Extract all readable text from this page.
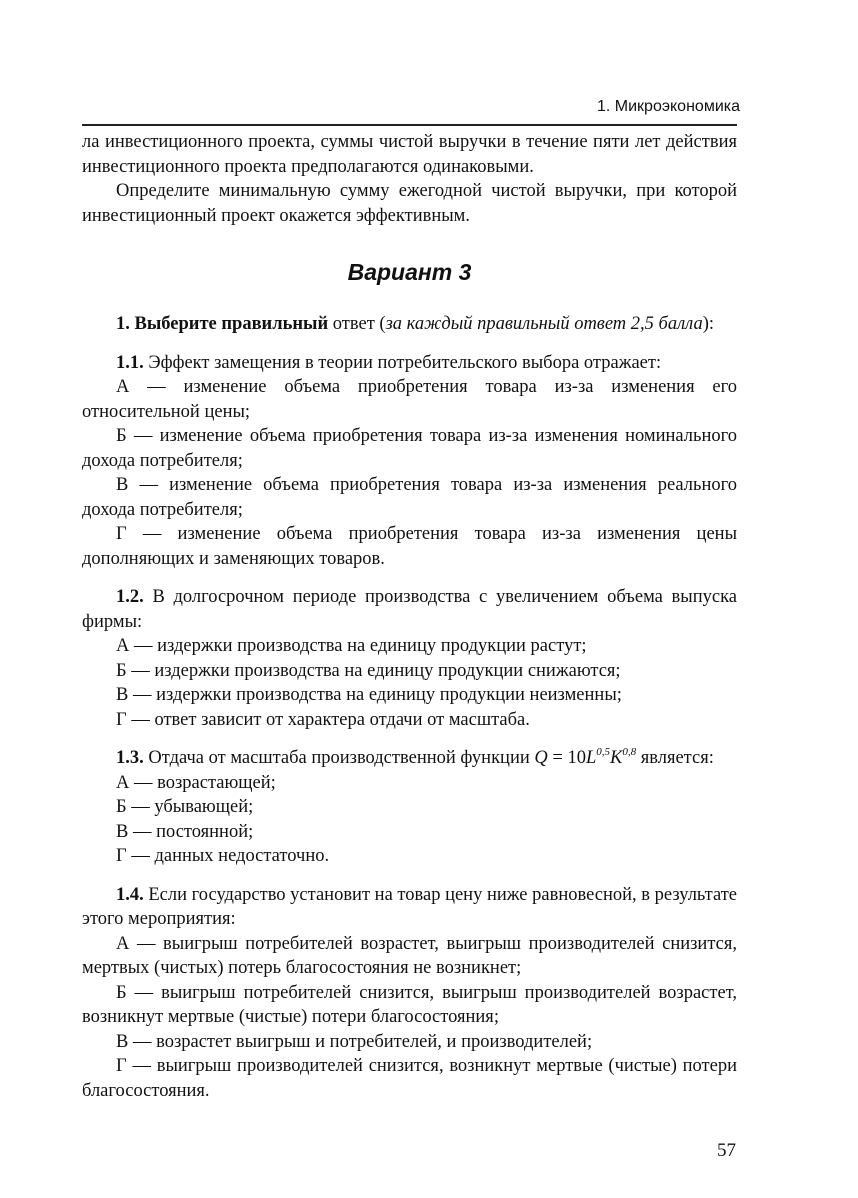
1. Микроэкономика

ла инвестиционного проекта, суммы чистой выручки в течение пяти лет действия инвестиционного проекта предполагаются одинаковыми.

Определите минимальную сумму ежегодной чистой выручки, при которой инвестиционный проект окажется эффективным.

Вариант 3

1. Выберите правильный ответ (за каждый правильный ответ 2,5 балла):

1.1. Эффект замещения в теории потребительского выбора отражает:

А — изменение объема приобретения товара из-за изменения его относительной цены;

Б — изменение объема приобретения товара из-за изменения номинального дохода потребителя;

В — изменение объема приобретения товара из-за изменения реального дохода потребителя;

Г — изменение объема приобретения товара из-за изменения цены дополняющих и заменяющих товаров.

1.2. В долгосрочном периоде производства с увеличением объема выпуска фирмы:

А — издержки производства на единицу продукции растут;

Б — издержки производства на единицу продукции снижаются;

В — издержки производства на единицу продукции неизменны;

Г — ответ зависит от характера отдачи от масштаба.

1.3. Отдача от масштаба производственной функции $Q = 10L^{0,5}K^{0,8}$ является:

А — возрастающей;

Б — убывающей;

В — постоянной;

Г — данных недостаточно.

1.4. Если государство установит на товар цену ниже равновесной, в результате этого мероприятия:

А — выигрыш потребителей возрастет, выигрыш производителей снизится, мертвых (чистых) потерь благосостояния не возникнет;

Б — выигрыш потребителей снизится, выигрыш производителей возрастет, возникнут мертвые (чистые) потери благосостояния;

В — возрастет выигрыш и потребителей, и производителей;

Г — выигрыш производителей снизится, возникнут мертвые (чистые) потери благосостояния.

57
